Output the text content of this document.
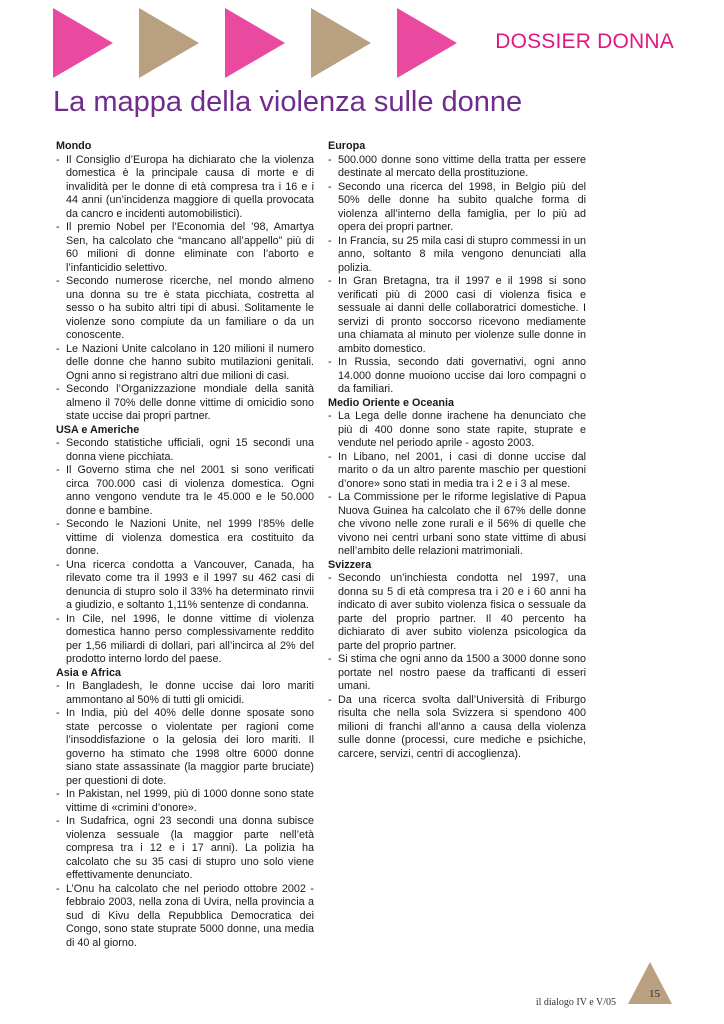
DOSSIER DONNA
La mappa della violenza sulle donne

Mondo

- Il Consiglio d’Europa ha dichiarato che la violenza domestica è la principale causa di morte e di invalidità per le donne di età compresa tra i 16 e i 44 anni (un’incidenza maggiore di quella provocata da cancro e incidenti automobilistici).
- Il premio Nobel per l’Economia del ’98, Amartya Sen, ha calcolato che “mancano all’appello” più di 60 milioni di donne eliminate con l’aborto e l’infanticidio selettivo.
- Secondo numerose ricerche, nel mondo almeno una donna su tre è stata picchiata, costretta al sesso o ha subito altri tipi di abusi. Solitamente le violenze sono compiute da un familiare o da un conoscente.
- Le Nazioni Unite calcolano in 120 milioni il numero delle donne che hanno subito mutilazioni genitali. Ogni anno si registrano altri due milioni di casi.
- Secondo l’Organizzazione mondiale della sanità almeno il 70% delle donne vittime di omicidio sono state uccise dai propri partner.

USA e Americhe

- Secondo statistiche ufficiali, ogni 15 secondi una donna viene picchiata.
- Il Governo stima che nel 2001 si sono verificati circa 700.000 casi di violenza domestica. Ogni anno vengono vendute tra le 45.000 e le 50.000 donne e bambine.
- Secondo le Nazioni Unite, nel 1999 l’85% delle vittime di violenza domestica era costituito da donne.
- Una ricerca condotta a Vancouver, Canada, ha rilevato come tra il 1993 e il 1997 su 462 casi di denuncia di stupro solo il 33% ha determinato rinvii a giudizio, e soltanto 1,11% sentenze di condanna.
- In Cile, nel 1996, le donne vittime di violenza domestica hanno perso complessivamente reddito per 1,56 miliardi di dollari, pari all’incirca al 2% del prodotto interno lordo del paese.

Asia e Africa

- In Bangladesh, le donne uccise dai loro mariti ammontano al 50% di tutti gli omicidi.
- In India, più del 40% delle donne sposate sono state percosse o violentate per ragioni come l’insoddisfazione o la gelosia dei loro mariti. Il governo ha stimato che 1998 oltre 6000 donne siano state assassinate (la maggior parte bruciate) per questioni di dote.
- In Pakistan, nel 1999, più di 1000 donne sono state vittime di «crimini d’onore».
- In Sudafrica, ogni 23 secondi una donna subisce violenza sessuale (la maggior parte nell’età compresa tra i 12 e i 17 anni). La polizia ha calcolato che su 35 casi di stupro uno solo viene effettivamente denunciato.
- L’Onu ha calcolato che nel periodo ottobre 2002 - febbraio 2003, nella zona di Uvira, nella provincia a sud di Kivu della Repubblica Democratica dei Congo, sono state stuprate 5000 donne, una media di 40 al giorno.

Europa

- 500.000 donne sono vittime della tratta per essere destinate al mercato della prostituzione.
- Secondo una ricerca del 1998, in Belgio più del 50% delle donne ha subito qualche forma di violenza all’interno della famiglia, per lo più ad opera dei propri partner.
- In Francia, su 25 mila casi di stupro commessi in un anno, soltanto 8 mila vengono denunciati alla polizia.
- In Gran Bretagna, tra il 1997 e il 1998 si sono verificati più di 2000 casi di violenza fisica e sessuale ai danni delle collaboratrici domestiche. I servizi di pronto soccorso ricevono mediamente una chiamata al minuto per violenze sulle donne in ambito domestico.
- In Russia, secondo dati governativi, ogni anno 14.000 donne muoiono uccise dai loro compagni o da familiari.

Medio Oriente e Oceania

- La Lega delle donne irachene ha denunciato che più di 400 donne sono state rapite, stuprate e vendute nel periodo aprile - agosto 2003.
- In Libano, nel 2001, i casi di donne uccise dal marito o da un altro parente maschio per questioni d’onore» sono stati in media tra i 2 e i 3 al mese.
- La Commissione per le riforme legislative di Papua Nuova Guinea ha calcolato che il 67% delle donne che vivono nelle zone rurali e il 56% di quelle che vivono nei centri urbani sono state vittime di abusi nell’ambito delle relazioni matrimoniali.

Svizzera

- Secondo un’inchiesta condotta nel 1997, una donna su 5 di età compresa tra i 20 e i 60 anni ha indicato di aver subito violenza fisica o sessuale da parte del proprio partner. Il 40 percento ha dichiarato di aver subito violenza psicologica da parte del proprio partner.
- Si stima che ogni anno da 1500 a 3000 donne sono portate nel nostro paese da trafficanti di esseri umani.
- Da una ricerca svolta dall’Università di Friburgo risulta che nella sola Svizzera si spendono 400 milioni di franchi all’anno a causa della violenza sulle donne (processi, cure mediche e psichiche, carcere, servizi, centri di accoglienza).
15
il dialogo IV e V/05
